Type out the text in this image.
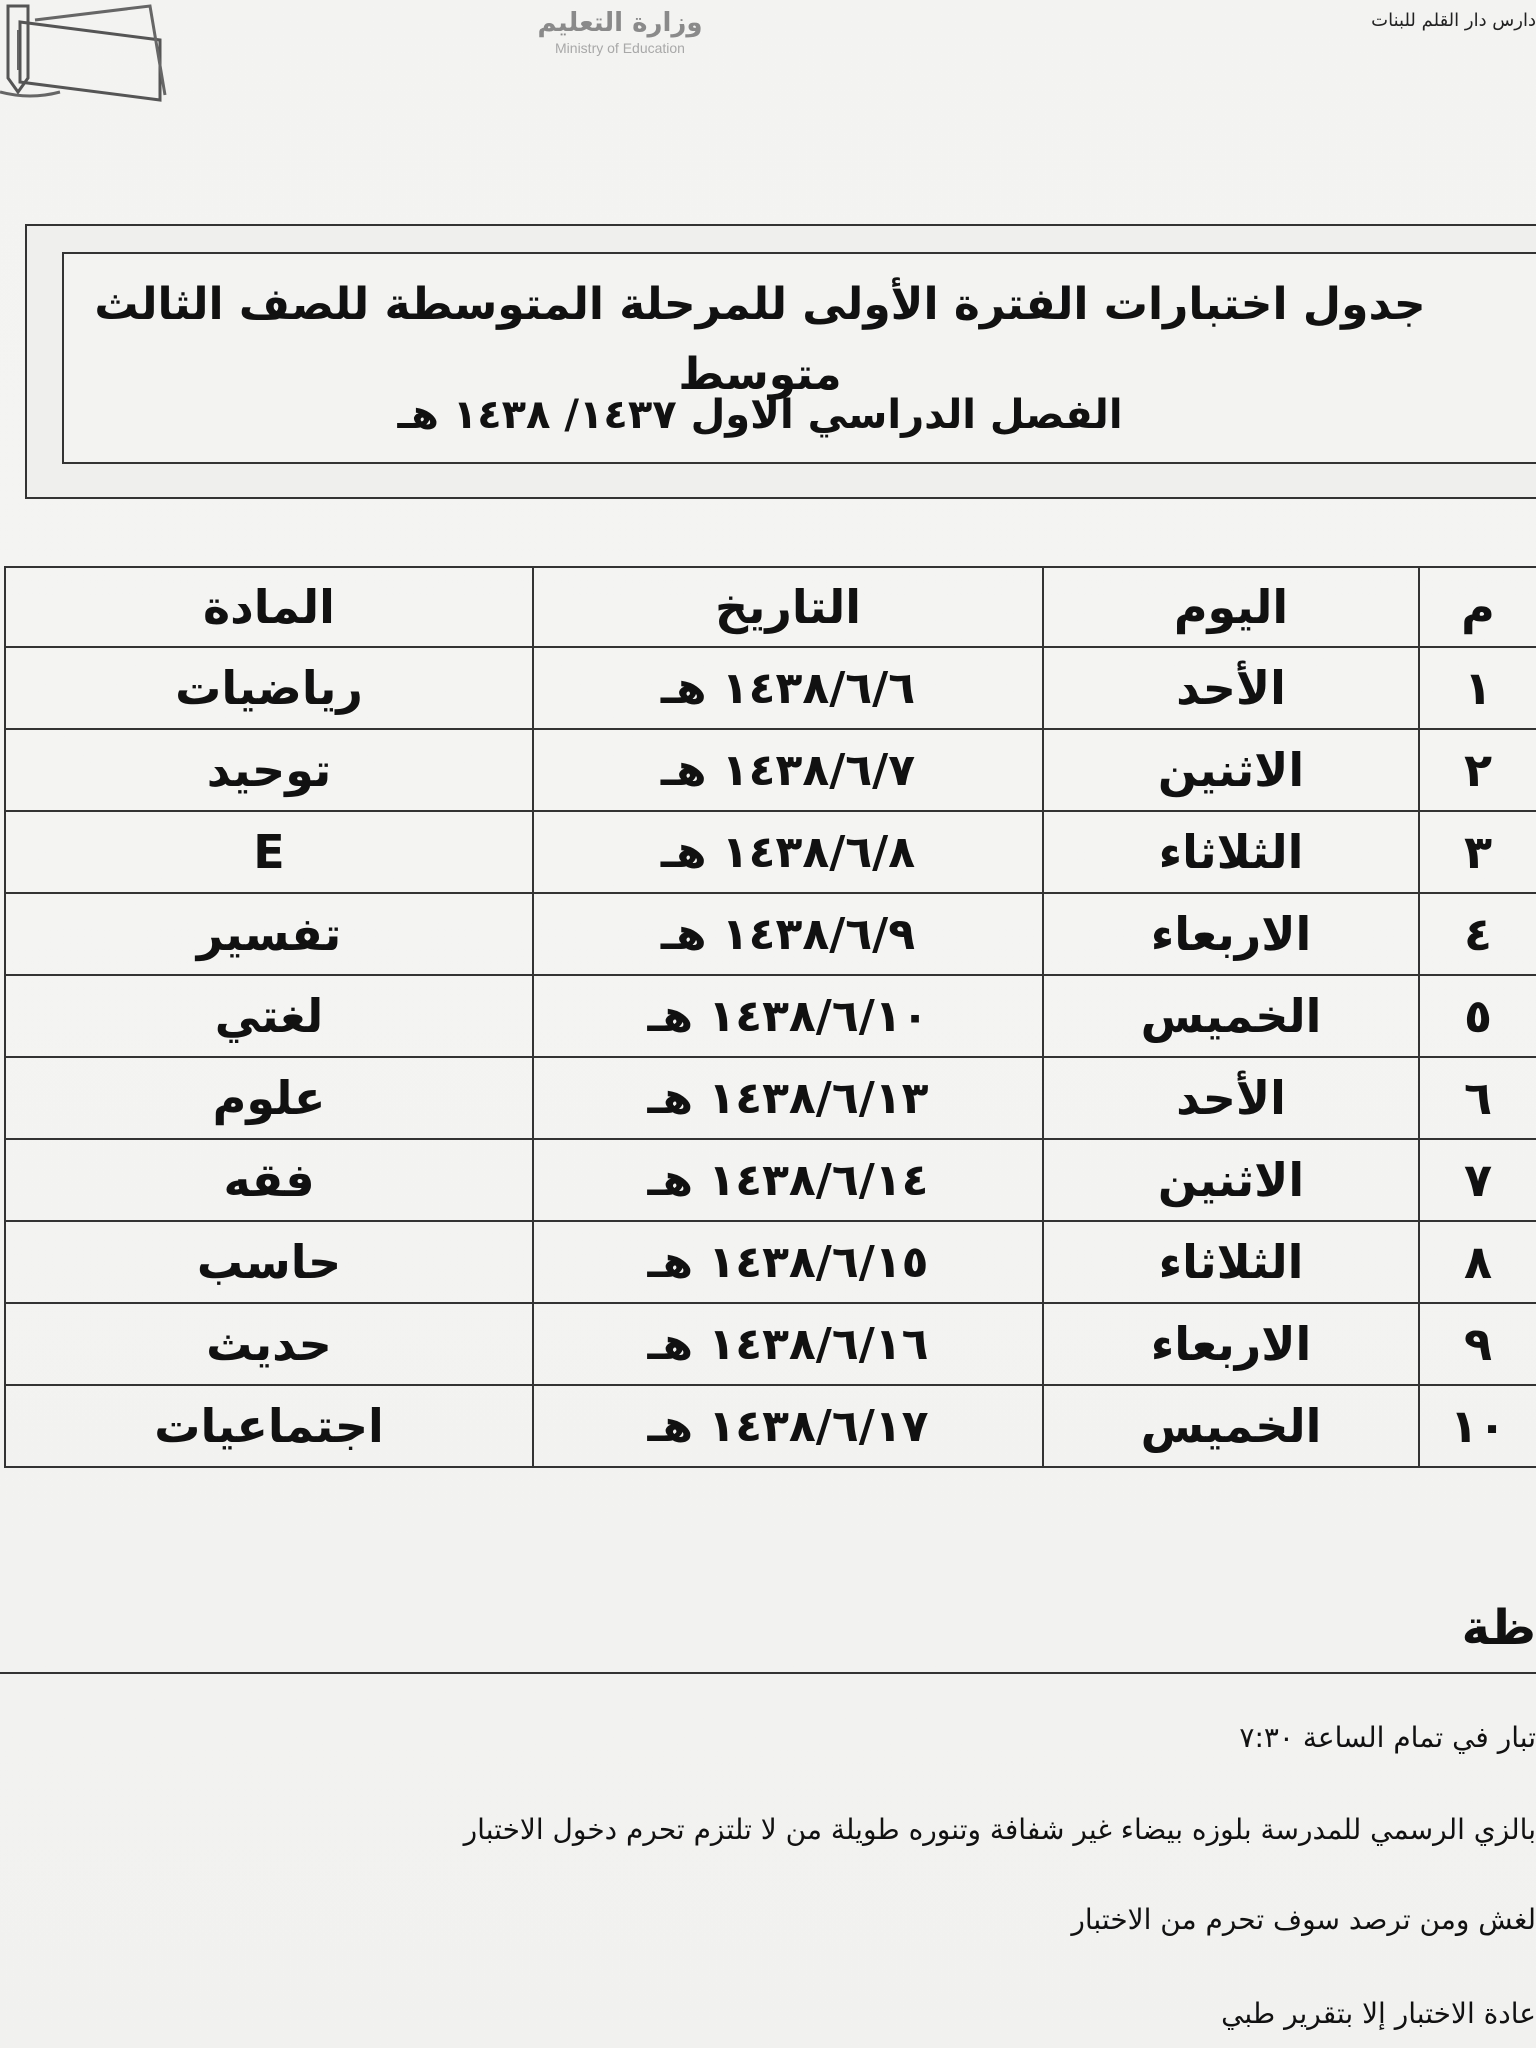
وزارة التعليم
Ministry of Education
دارس دار القلم للبنات
جدول اختبارات الفترة الأولى للمرحلة المتوسطة للصف الثالث متوسط
الفصل الدراسي الاول ١٤٣٧/ ١٤٣٨ هـ
م	اليوم	التاريخ	المادة
١	الأحد	١٤٣٨/٦/٦ هـ	رياضيات
٢	الاثنين	١٤٣٨/٦/٧ هـ	توحيد
٣	الثلاثاء	١٤٣٨/٦/٨ هـ	E
٤	الاربعاء	١٤٣٨/٦/٩ هـ	تفسير
٥	الخميس	١٤٣٨/٦/١٠ هـ	لغتي
٦	الأحد	١٤٣٨/٦/١٣ هـ	علوم
٧	الاثنين	١٤٣٨/٦/١٤ هـ	فقه
٨	الثلاثاء	١٤٣٨/٦/١٥ هـ	حاسب
٩	الاربعاء	١٤٣٨/٦/١٦ هـ	حديث
١٠	الخميس	١٤٣٨/٦/١٧ هـ	اجتماعيات
ظة
تبار في تمام الساعة ٧:٣٠
بالزي الرسمي للمدرسة بلوزه بيضاء غير شفافة وتنوره طويلة من لا تلتزم تحرم دخول الاختبار
لغش ومن ترصد سوف تحرم من الاختبار
عادة الاختبار إلا بتقرير طبي
